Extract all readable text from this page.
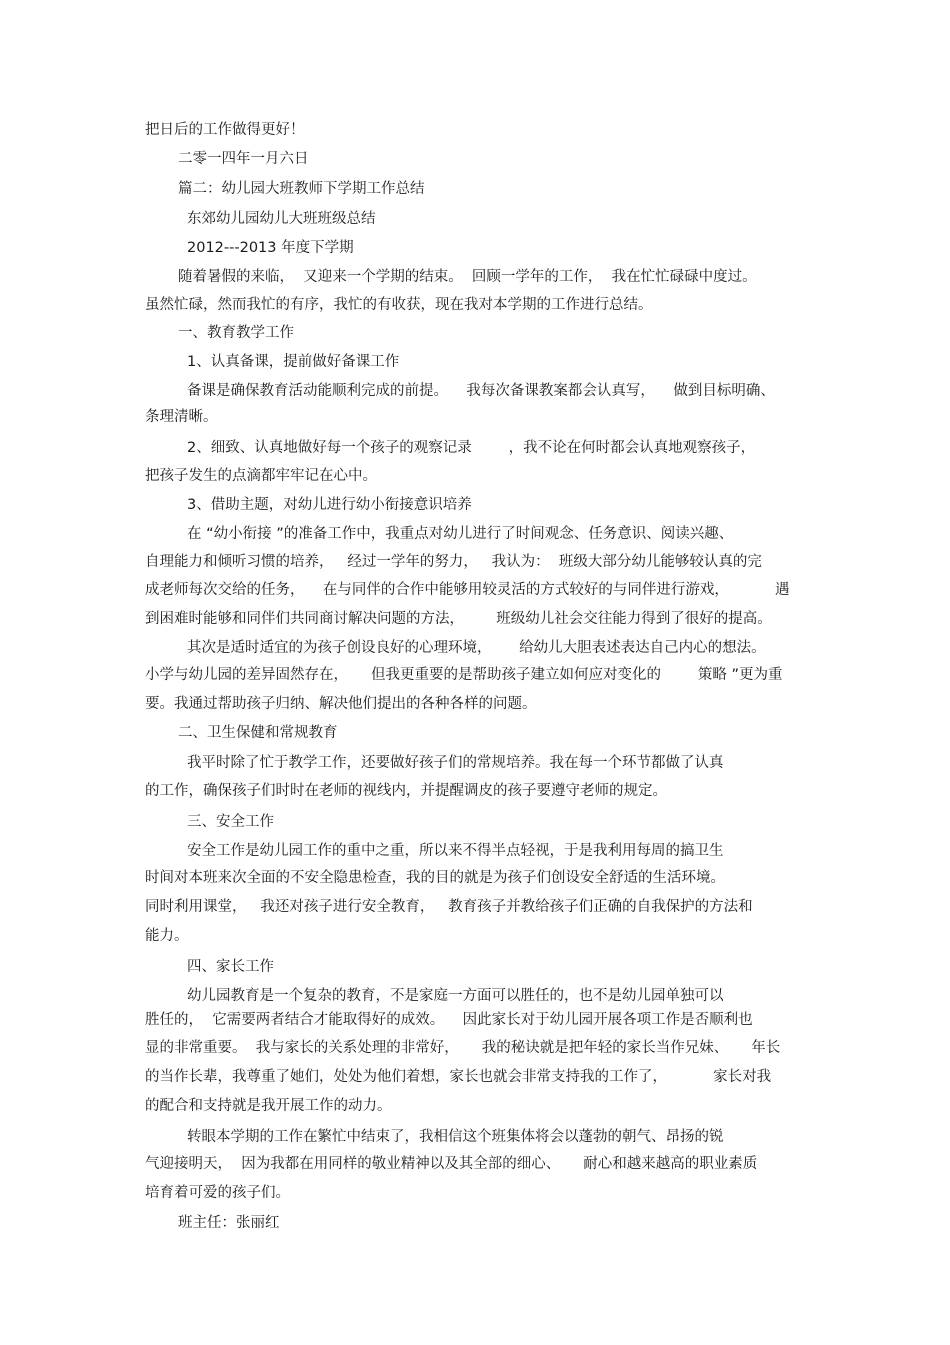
把日后的工作做得更好！
二零一四年一月六日
篇二：幼儿园大班教师下学期工作总结
东郊幼儿园幼儿大班班级总结
2012---2013 年度下学期
随着暑假的来临，  又迎来一个学期的结束。  回顾一学年的工作，  我在忙忙碌碌中度过。
虽然忙碌，然而我忙的有序，我忙的有收获，现在我对本学期的工作进行总结。
一、教育教学工作
1、认真备课，提前做好备课工作
备课是确保教育活动能顺利完成的前提。    我每次备课教案都会认真写，    做到目标明确、
条理清晰。
2、细致、认真地做好每一个孩子的观察记录        ，我不论在何时都会认真地观察孩子，
把孩子发生的点滴都牢牢记在心中。
3、借助主题，对幼儿进行幼小衔接意识培养
在 “幼小衔接 ”的准备工作中，我重点对幼儿进行了时间观念、任务意识、阅读兴趣、
自理能力和倾听习惯的培养，   经过一学年的努力，   我认为：  班级大部分幼儿能够较认真的完
成老师每次交给的任务，    在与同伴的合作中能够用较灵活的方式较好的与同伴进行游戏，          遇
到困难时能够和同伴们共同商讨解决问题的方法，       班级幼儿社会交往能力得到了很好的提高。
其次是适时适宜的为孩子创设良好的心理环境，      给幼儿大胆表述表达自己内心的想法。
小学与幼儿园的差异固然存在，     但我更重要的是帮助孩子建立如何应对变化的        策略 ”更为重
要。我通过帮助孩子归纳、解决他们提出的各种各样的问题。
二、卫生保健和常规教育
我平时除了忙于教学工作，还要做好孩子们的常规培养。我在每一个环节都做了认真
的工作，确保孩子们时时在老师的视线内，并提醒调皮的孩子要遵守老师的规定。
三、安全工作
安全工作是幼儿园工作的重中之重，所以来不得半点轻视，于是我利用每周的搞卫生
时间对本班来次全面的不安全隐患检查，我的目的就是为孩子们创设安全舒适的生活环境。
同时利用课堂，   我还对孩子进行安全教育，   教育孩子并教给孩子们正确的自我保护的方法和
能力。
四、家长工作
幼儿园教育是一个复杂的教育，不是家庭一方面可以胜任的，也不是幼儿园单独可以
胜任的，  它需要两者结合才能取得好的成效。    因此家长对于幼儿园开展各项工作是否顺利也
显的非常重要。  我与家长的关系处理的非常好，     我的秘诀就是把年轻的家长当作兄妹、     年长
的当作长辈，我尊重了她们，处处为他们着想，家长也就会非常支持我的工作了，          家长对我
的配合和支持就是我开展工作的动力。
转眼本学期的工作在繁忙中结束了，我相信这个班集体将会以蓬勃的朝气、昂扬的锐
气迎接明天，  因为我都在用同样的敬业精神以及其全部的细心、     耐心和越来越高的职业素质
培育着可爱的孩子们。
班主任：张丽红
